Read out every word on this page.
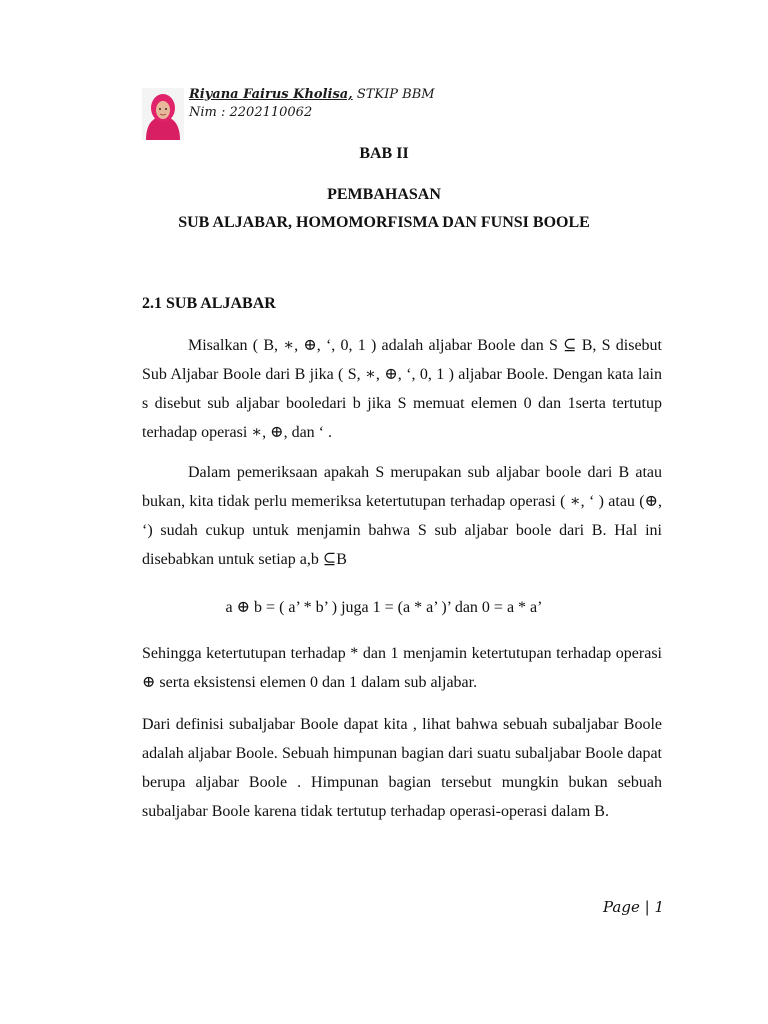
Riyana Fairus Kholisa, STKIP BBM
Nim : 2202110062
BAB II
PEMBAHASAN
SUB ALJABAR, HOMOMORFISMA DAN FUNSI BOOLE
2.1 SUB ALJABAR
Misalkan ( B, ∗, ⊕, ‘, 0, 1 ) adalah aljabar Boole dan S ⊆ B, S disebut Sub Aljabar Boole dari B jika ( S, ∗, ⊕, ‘, 0, 1 ) aljabar Boole. Dengan kata lain s disebut sub aljabar booledari b jika S memuat elemen 0 dan 1serta tertutup terhadap operasi ∗, ⊕, dan ‘ .
Dalam pemeriksaan apakah S merupakan sub aljabar boole dari B atau bukan, kita tidak perlu memeriksa ketertutupan terhadap operasi ( ∗, ‘ ) atau (⊕, ‘) sudah cukup untuk menjamin bahwa S sub aljabar boole dari B. Hal ini disebabkan untuk setiap a,b ⊆B
a ⊕ b = ( a’ * b’ ) juga 1 = (a * a’ )’ dan 0 = a * a’
Sehingga ketertutupan terhadap * dan 1 menjamin ketertutupan terhadap operasi ⊕ serta eksistensi elemen 0 dan 1 dalam sub aljabar.
Dari definisi subaljabar Boole dapat kita , lihat bahwa sebuah subaljabar Boole adalah aljabar Boole. Sebuah himpunan bagian dari suatu subaljabar Boole dapat berupa aljabar Boole . Himpunan bagian tersebut mungkin bukan sebuah subaljabar Boole karena tidak tertutup terhadap operasi-operasi dalam B.
Page | 1
